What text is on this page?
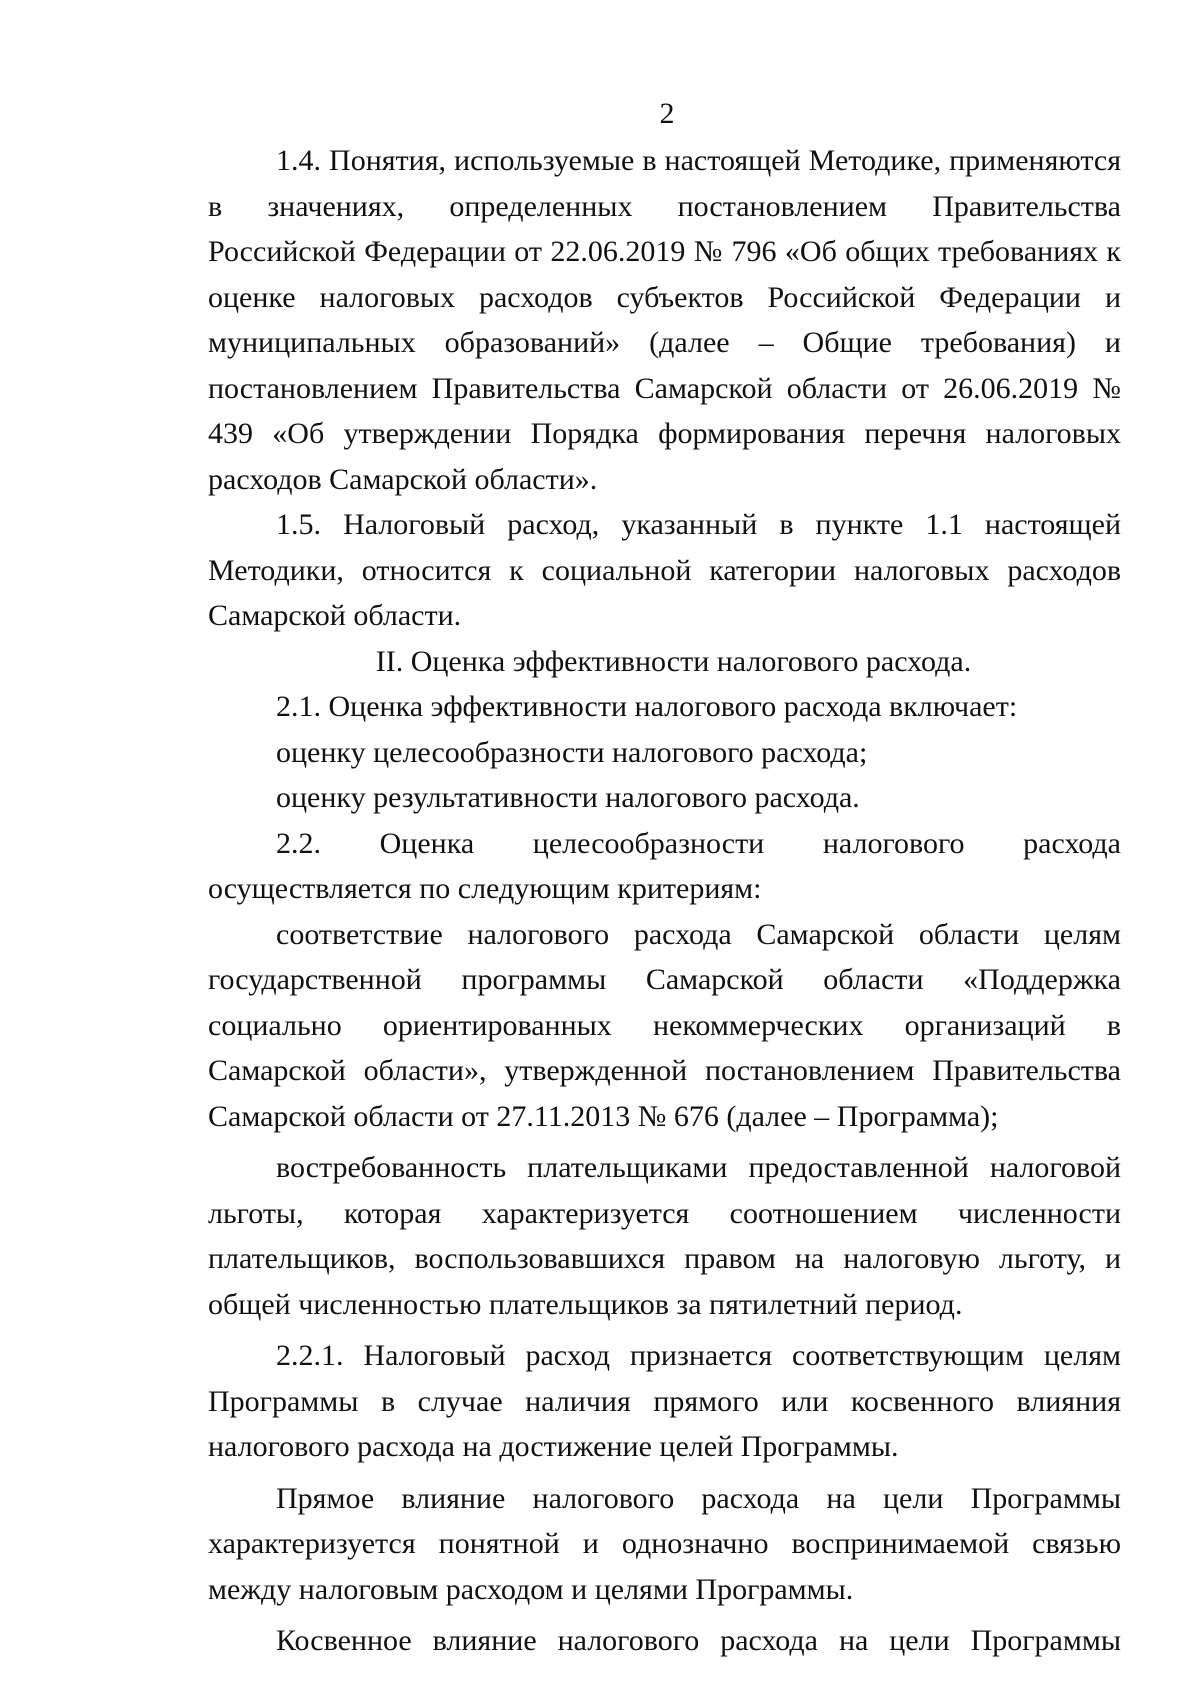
2

1.4. Понятия, используемые в настоящей Методике, применяются в значениях, определенных постановлением Правительства Российской Федерации от 22.06.2019 № 796 «Об общих требованиях к оценке налоговых расходов субъектов Российской Федерации и муниципальных образований» (далее – Общие требования) и постановлением Правительства Самарской области от 26.06.2019 № 439 «Об утверждении Порядка формирования перечня налоговых расходов Самарской области».

1.5. Налоговый расход, указанный в пункте 1.1 настоящей Методики, относится к социальной категории налоговых расходов Самарской области.

II. Оценка эффективности налогового расхода.

2.1. Оценка эффективности налогового расхода включает:

оценку целесообразности налогового расхода;

оценку результативности налогового расхода.

2.2. Оценка целесообразности налогового расхода осуществляется по следующим критериям:

соответствие налогового расхода Самарской области целям государственной программы Самарской области «Поддержка социально ориентированных некоммерческих организаций в Самарской области», утвержденной постановлением Правительства Самарской области от 27.11.2013 № 676 (далее – Программа);

востребованность плательщиками предоставленной налоговой льготы, которая характеризуется соотношением численности плательщиков, воспользовавшихся правом на налоговую льготу, и общей численностью плательщиков за пятилетний период.

2.2.1. Налоговый расход признается соответствующим целям Программы в случае наличия прямого или косвенного влияния налогового расхода на достижение целей Программы.

Прямое влияние налогового расхода на цели Программы характеризуется понятной и однозначно воспринимаемой связью между налоговым расходом и целями Программы.

Косвенное влияние налогового расхода на цели Программы
